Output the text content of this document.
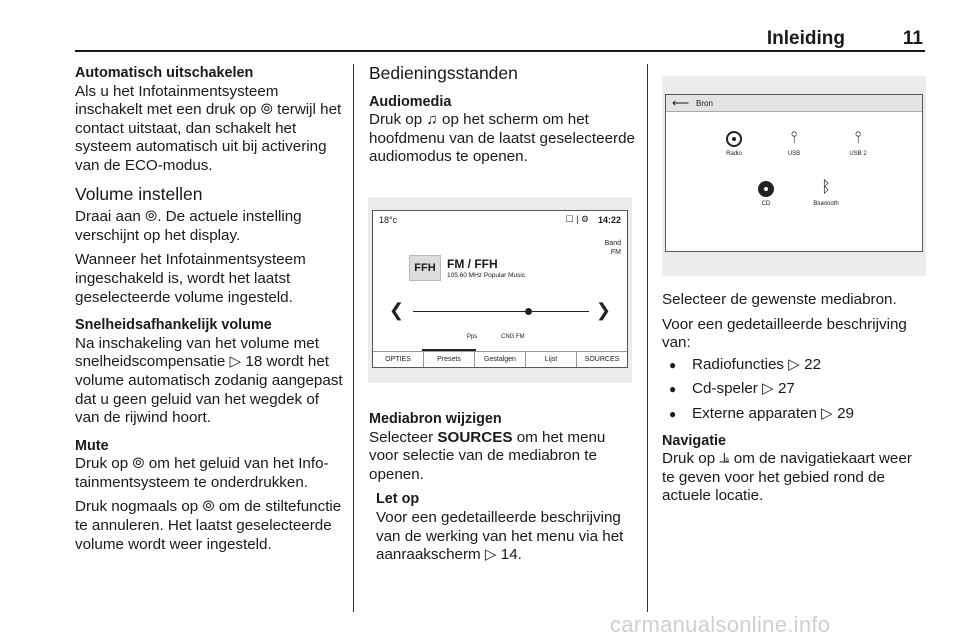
Inleiding	11
Automatisch uitschakelen
Als u het Infotainmentsysteem inschakelt met een druk op ⦾ terwijl het contact uitstaat, dan schakelt het systeem automatisch uit bij activering van de ECO-modus.
Volume instellen
Draai aan ⦾. De actuele instelling verschijnt op het display.
Wanneer het Infotainmentsysteem ingeschakeld is, wordt het laatst geselecteerde volume ingesteld.
Snelheidsafhankelijk volume
Na inschakeling van het volume met snelheidscompensatie ▷ 18 wordt het volume automatisch zodanig aangepast dat u geen geluid van het wegdek of van de rijwind hoort.
Mute
Druk op ⦾ om het geluid van het Infotainmentsysteem te onderdrukken.
Druk nogmaals op ⦾ om de stiltefunctie te annuleren. Het laatst geselecteerde volume wordt weer ingesteld.
Bedieningsstanden
Audiomedia
Druk op ♫ op het scherm om het hoofdmenu van de laatst geselecteerde audiomodus te openen.
18°c	☐ | ⚙ 14:22
Band
FM
FFH FM / FFH
105.60 MHz Popular Music
❮	❯
Pps	CNG FM
OPTIES	Presets	Gestalgen	Lijst	SOURCES
Mediabron wijzigen
Selecteer SOURCES om het menu voor selectie van de mediabron te openen.
Let op
Voor een gedetailleerde beschrijving van de werking van het menu via het aanraakscherm ▷ 14.
⟵ Bron
Radio
⫯
USB
⫯
USB 2
CD
ᛒ
Bluetooth
Selecteer de gewenste mediabron.
Voor een gedetailleerde beschrijving van:
● Radiofuncties ▷ 22
● Cd-speler ▷ 27
● Externe apparaten ▷ 29
Navigatie
Druk op ⫡ om de navigatiekaart weer te geven voor het gebied rond de actuele locatie.
carmanualsonline.info
